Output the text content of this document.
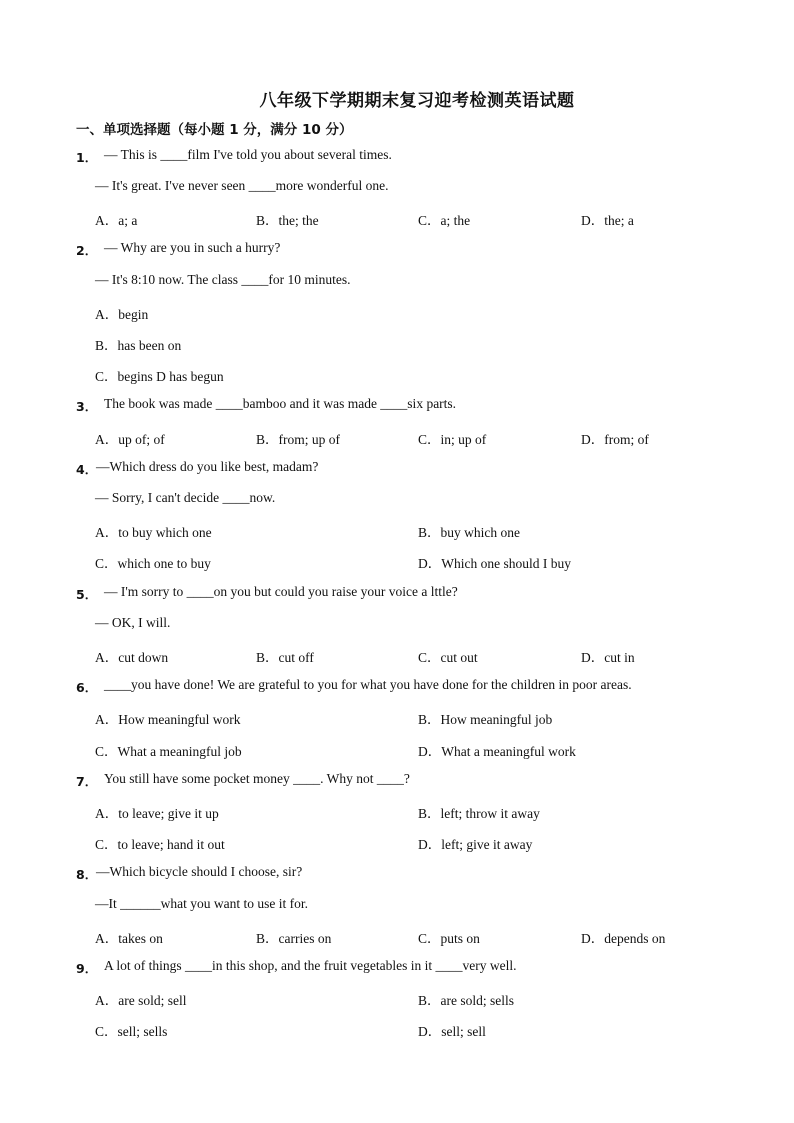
八年级下学期期末复习迎考检测英语试题
一、单项选择题（每小题 1 分，满分 10 分）
1． — This is ____film I've told you about several times.
— It's great. I've never seen ____more wonderful one.
A．a; a	B．the; the	C．a; the	D．the; a
2． — Why are you in such a hurry?
— It's 8:10 now. The class ____for 10 minutes.
A．begin
B．has been on
C．begins D has begun
3． The book was made ____bamboo and it was made ____six parts.
A．up of; of	B．from; up of	C．in; up of	D．from; of
4．
—Which dress do you like best, madam?
— Sorry, I can't decide ____now.
A．to buy which one	B．buy which one
C．which one to buy	D．Which one should I buy
5． — I'm sorry to ____on you but could you raise your voice a lttle?
— OK, I will.
A．cut down	B．cut off	C．cut out	D．cut in
6． ____you have done! We are grateful to you for what you have done for the children in poor areas.
A．How meaningful work	B．How meaningful job
C．What a meaningful job	D．What a meaningful work
7． You still have some pocket money ____. Why not ____?
A．to leave; give it up	B．left; throw it away
C．to leave; hand it out	D．left; give it away
8．
—Which bicycle should I choose, sir?
—It ______what you want to use it for.
A．takes on	B．carries on	C．puts on	D．depends on
9． A lot of things ____in this shop, and the fruit vegetables in it ____very well.
A．are sold; sell	B．are sold; sells
C．sell; sells	D．sell; sell
